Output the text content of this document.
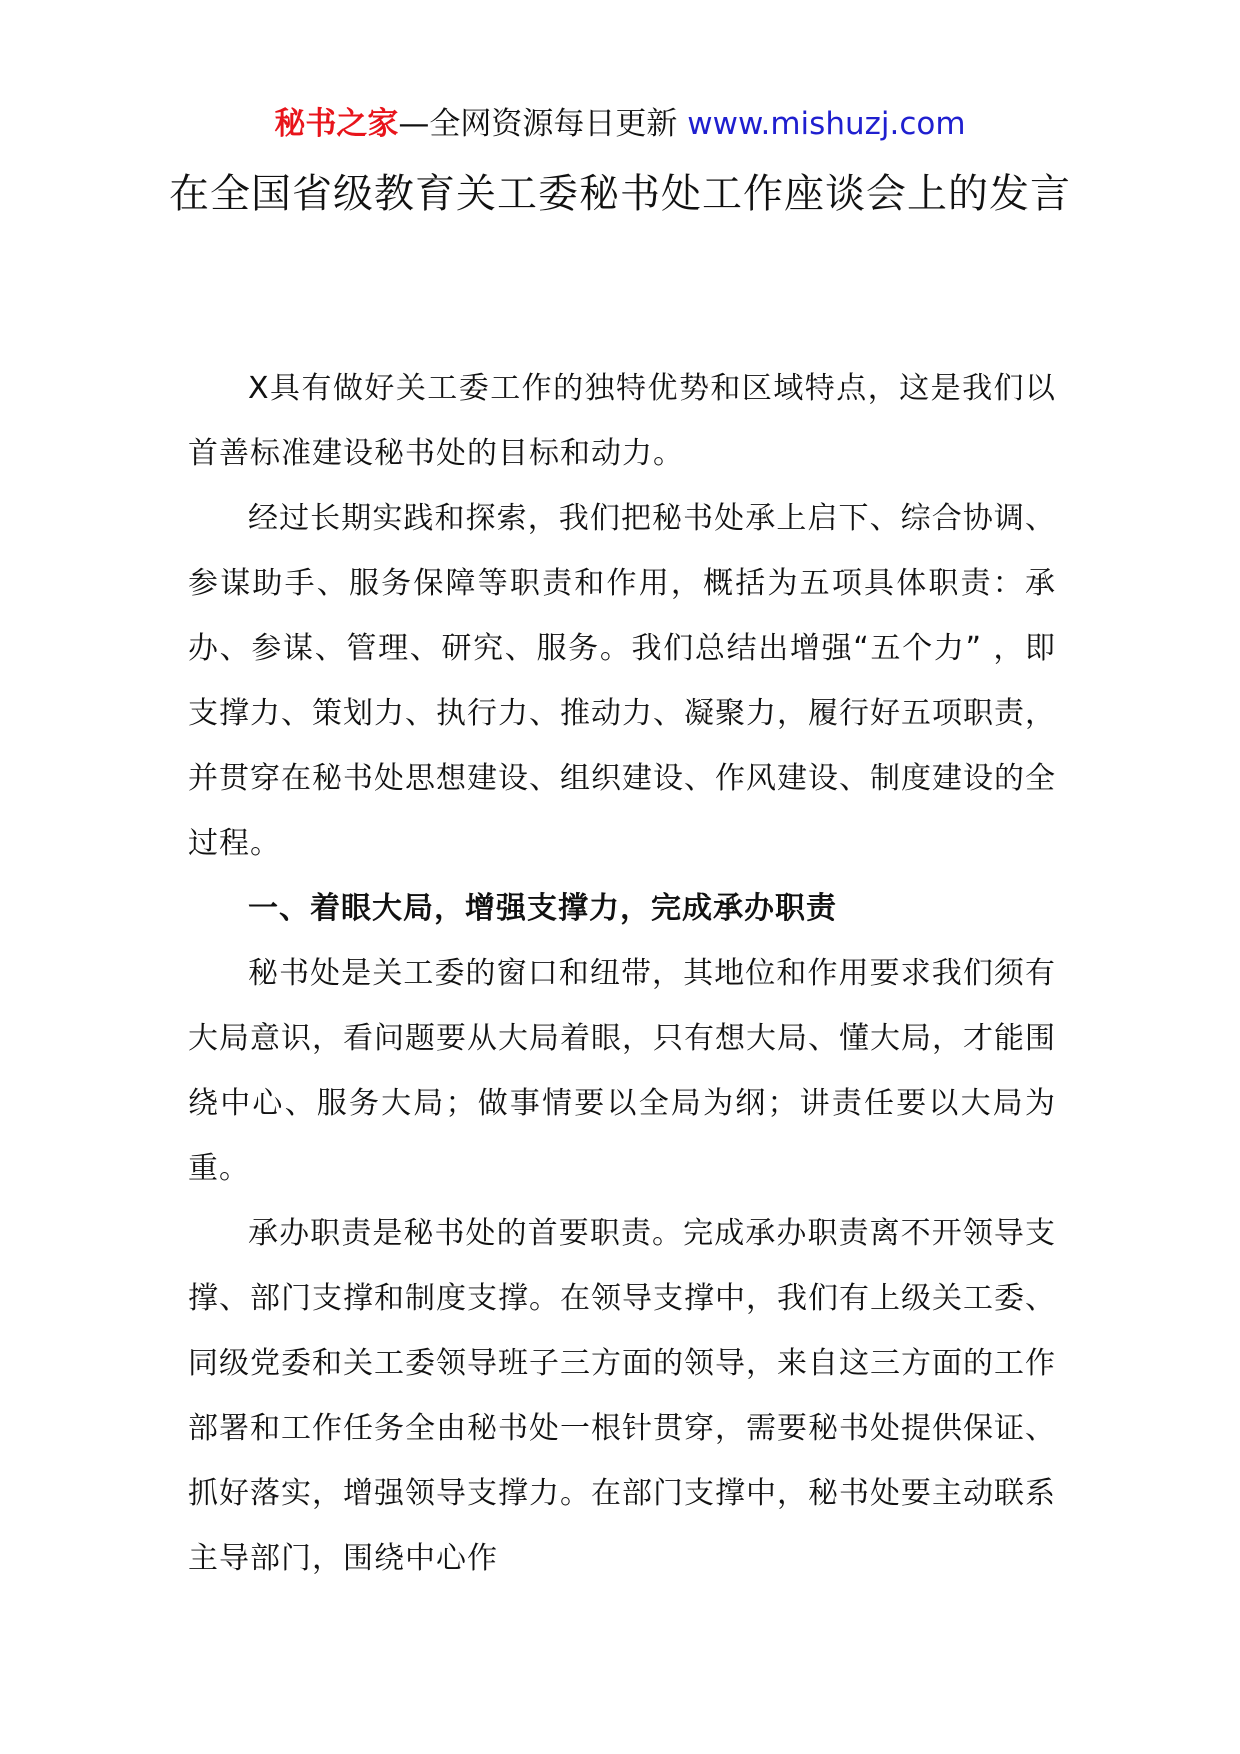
秘书之家—全网资源每日更新 www.mishuzj.com
在全国省级教育关工委秘书处工作座谈会上的发言

X具有做好关工委工作的独特优势和区域特点，这是我们以首善标准建设秘书处的目标和动力。

经过长期实践和探索，我们把秘书处承上启下、综合协调、参谋助手、服务保障等职责和作用，概括为五项具体职责：承办、参谋、管理、研究、服务。我们总结出增强“五个力” ，即支撑力、策划力、执行力、推动力、凝聚力，履行好五项职责，并贯穿在秘书处思想建设、组织建设、作风建设、制度建设的全过程。

一、着眼大局，增强支撑力，完成承办职责

秘书处是关工委的窗口和纽带，其地位和作用要求我们须有大局意识，看问题要从大局着眼，只有想大局、懂大局，才能围绕中心、服务大局；做事情要以全局为纲；讲责任要以大局为重。

承办职责是秘书处的首要职责。完成承办职责离不开领导支撑、部门支撑和制度支撑。在领导支撑中，我们有上级关工委、同级党委和关工委领导班子三方面的领导，来自这三方面的工作部署和工作任务全由秘书处一根针贯穿，需要秘书处提供保证、抓好落实，增强领导支撑力。在部门支撑中，秘书处要主动联系主导部门，围绕中心作
